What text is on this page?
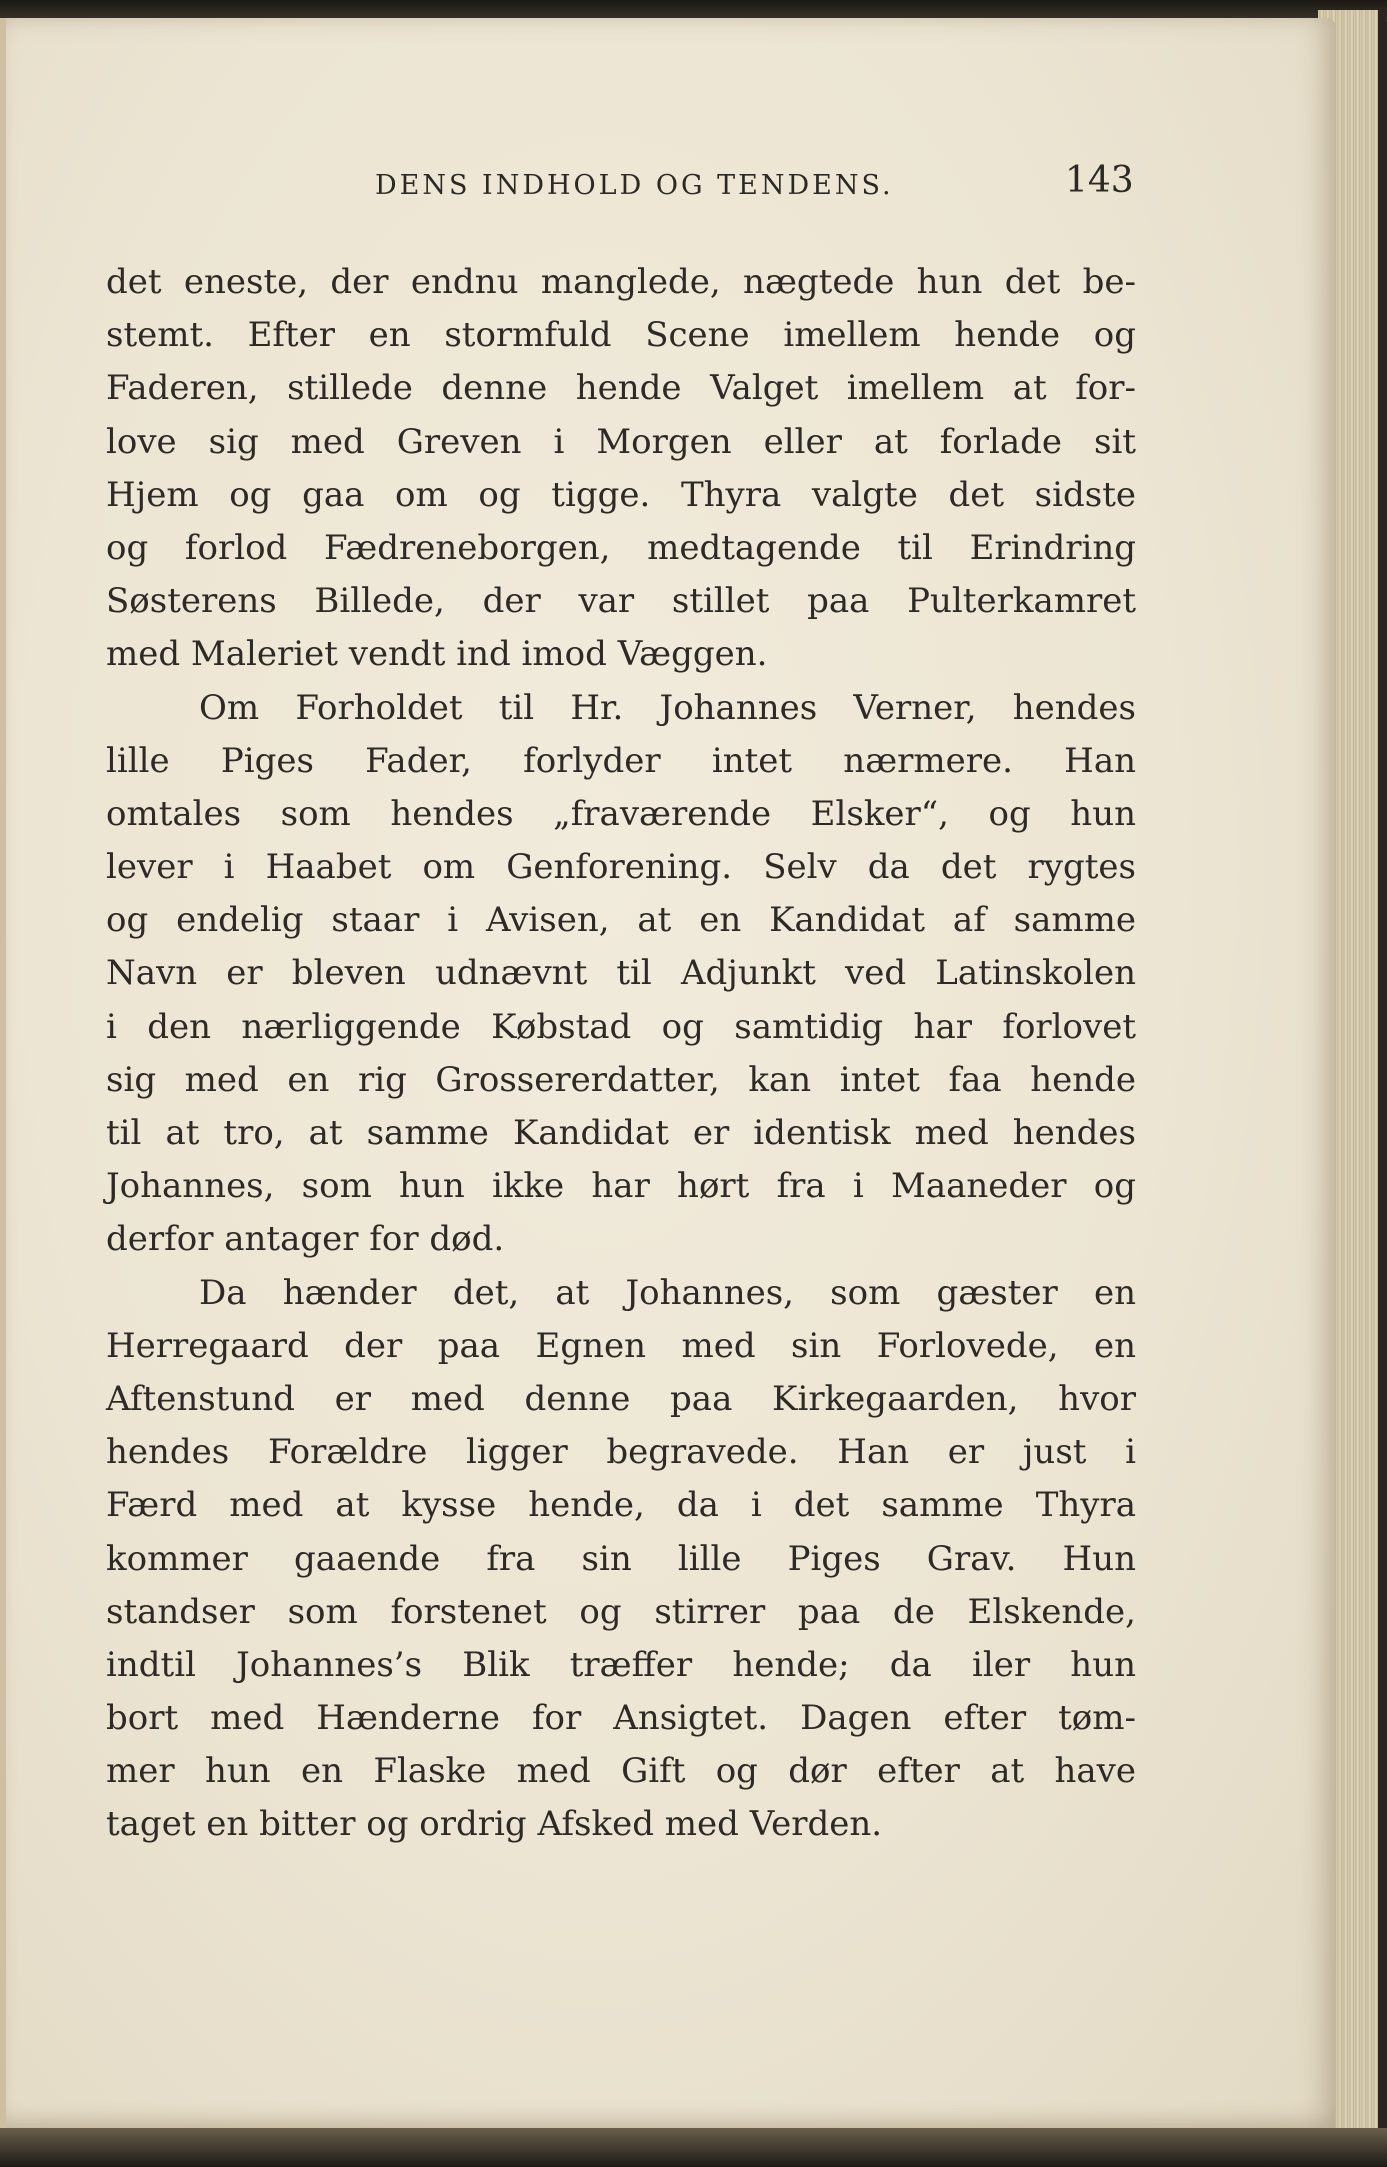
DENS INDHOLD OG TENDENS.	143
det eneste, der endnu manglede, nægtede hun det be-
stemt. Efter en stormfuld Scene imellem hende og
Faderen, stillede denne hende Valget imellem at for-
love sig med Greven i Morgen eller at forlade sit
Hjem og gaa om og tigge. Thyra valgte det sidste
og forlod Fædreneborgen, medtagende til Erindring
Søsterens Billede, der var stillet paa Pulterkamret
med Maleriet vendt ind imod Væggen.
Om Forholdet til Hr. Johannes Verner, hendes
lille Piges Fader, forlyder intet nærmere. Han
omtales som hendes „fraværende Elsker“, og hun
lever i Haabet om Genforening. Selv da det rygtes
og endelig staar i Avisen, at en Kandidat af samme
Navn er bleven udnævnt til Adjunkt ved Latinskolen
i den nærliggende Købstad og samtidig har forlovet
sig med en rig Grossererdatter, kan intet faa hende
til at tro, at samme Kandidat er identisk med hendes
Johannes, som hun ikke har hørt fra i Maaneder og
derfor antager for død.
Da hænder det, at Johannes, som gæster en
Herregaard der paa Egnen med sin Forlovede, en
Aftenstund er med denne paa Kirkegaarden, hvor
hendes Forældre ligger begravede. Han er just i
Færd med at kysse hende, da i det samme Thyra
kommer gaaende fra sin lille Piges Grav. Hun
standser som forstenet og stirrer paa de Elskende,
indtil Johannes’s Blik træffer hende; da iler hun
bort med Hænderne for Ansigtet. Dagen efter tøm-
mer hun en Flaske med Gift og dør efter at have
taget en bitter og ordrig Afsked med Verden.
